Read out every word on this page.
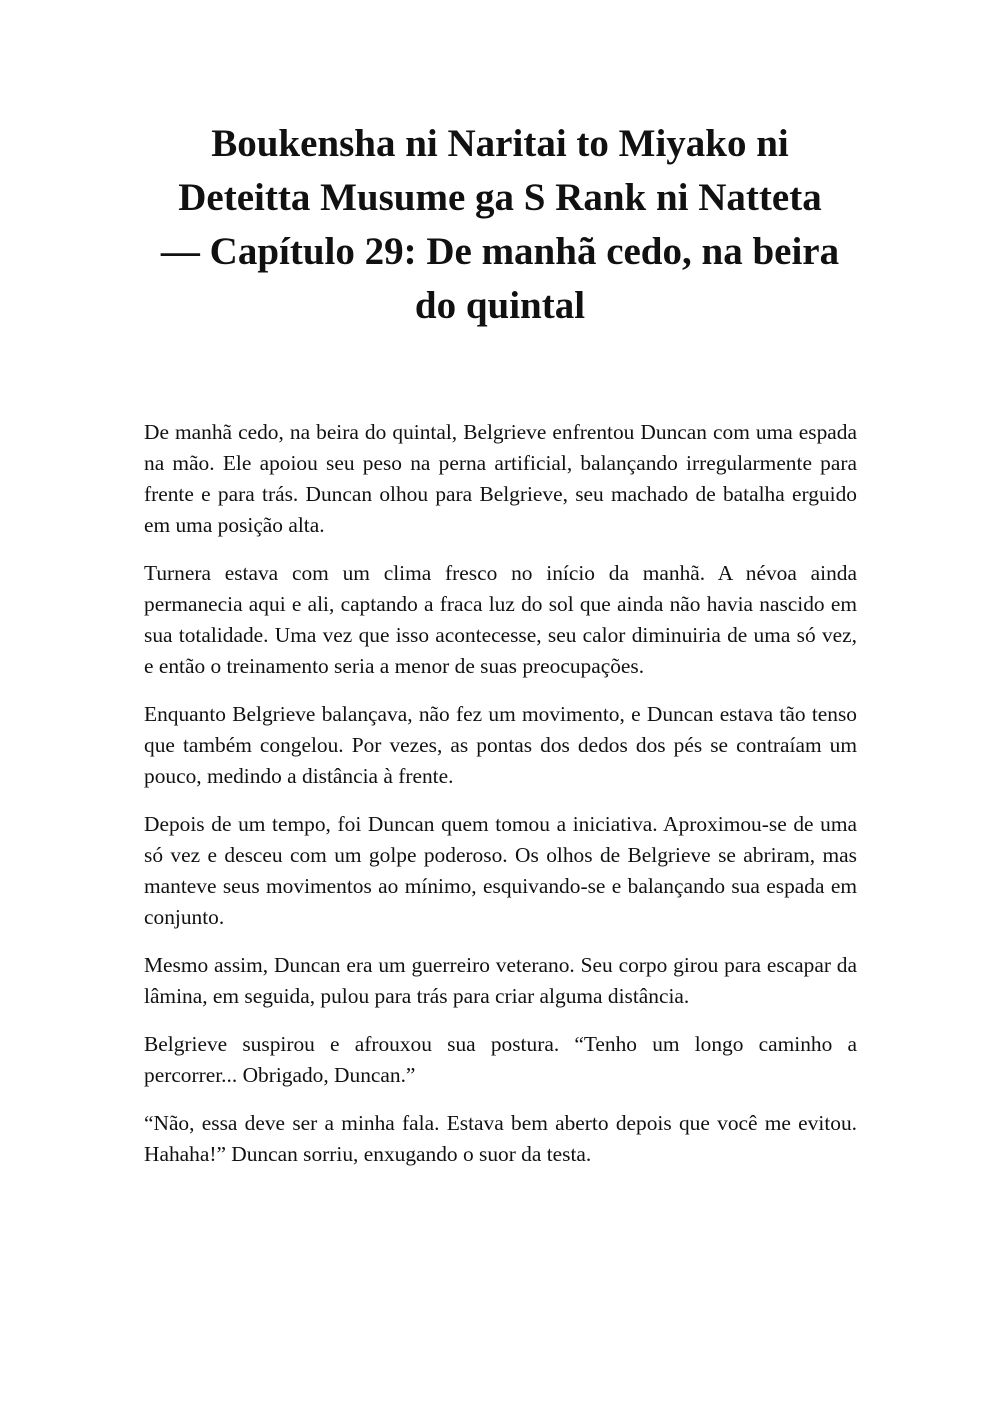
Boukensha ni Naritai to Miyako ni
Deteitta Musume ga S Rank ni Natteta
— Capítulo 29: De manhã cedo, na beira
do quintal

De manhã cedo, na beira do quintal, Belgrieve enfrentou Duncan com uma espada na mão. Ele apoiou seu peso na perna artificial, balançando irregularmente para frente e para trás. Duncan olhou para Belgrieve, seu machado de batalha erguido em uma posição alta.

Turnera estava com um clima fresco no início da manhã. A névoa ainda permanecia aqui e ali, captando a fraca luz do sol que ainda não havia nascido em sua totalidade. Uma vez que isso acontecesse, seu calor diminuiria de uma só vez, e então o treinamento seria a menor de suas preocupações.

Enquanto Belgrieve balançava, não fez um movimento, e Duncan estava tão tenso que também congelou. Por vezes, as pontas dos dedos dos pés se contraíam um pouco, medindo a distância à frente.

Depois de um tempo, foi Duncan quem tomou a iniciativa. Aproximou-se de uma só vez e desceu com um golpe poderoso. Os olhos de Belgrieve se abriram, mas manteve seus movimentos ao mínimo, esquivando-se e balançando sua espada em conjunto.

Mesmo assim, Duncan era um guerreiro veterano. Seu corpo girou para escapar da lâmina, em seguida, pulou para trás para criar alguma distância.

Belgrieve suspirou e afrouxou sua postura. “Tenho um longo caminho a percorrer... Obrigado, Duncan.”

“Não, essa deve ser a minha fala. Estava bem aberto depois que você me evitou. Hahaha!” Duncan sorriu, enxugando o suor da testa.
